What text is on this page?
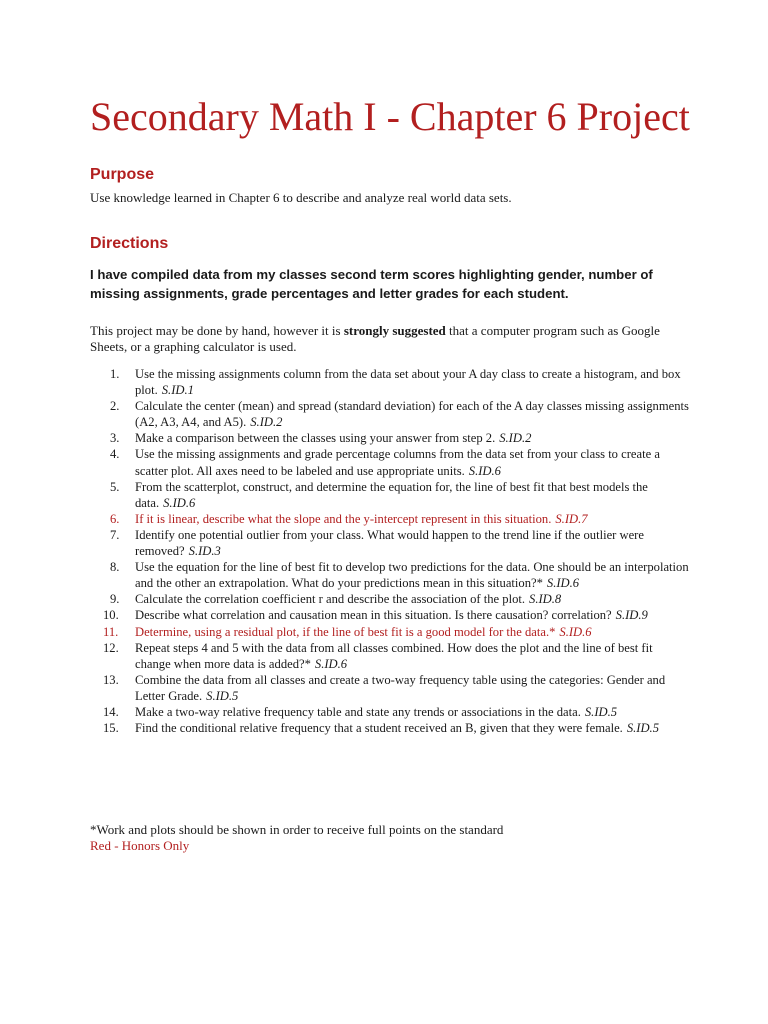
Secondary Math I - Chapter 6 Project
Purpose

Use knowledge learned in Chapter 6 to describe and analyze real world data sets.

Directions

I have compiled data from my classes second term scores highlighting gender, number of missing assignments, grade percentages and letter grades for each student.

This project may be done by hand, however it is strongly suggested that a computer program such as Google Sheets, or a graphing calculator is used.

1.	Use the missing assignments column from the data set about your A day class to create a histogram, and box plot. S.ID.1
2.	Calculate the center (mean) and spread (standard deviation) for each of the A day classes missing assignments (A2, A3, A4, and A5). S.ID.2
3.	Make a comparison between the classes using your answer from step 2. S.ID.2
4.	Use the missing assignments and grade percentage columns from the data set from your class to create a scatter plot. All axes need to be labeled and use appropriate units. S.ID.6
5.	From the scatterplot, construct, and determine the equation for, the line of best fit that best models the data. S.ID.6
6.	If it is linear, describe what the slope and the y-intercept represent in this situation. S.ID.7
7.	Identify one potential outlier from your class. What would happen to the trend line if the outlier were removed? S.ID.3
8.	Use the equation for the line of best fit to develop two predictions for the data. One should be an interpolation and the other an extrapolation. What do your predictions mean in this situation?* S.ID.6
9.	Calculate the correlation coefficient r and describe the association of the plot. S.ID.8
10.	Describe what correlation and causation mean in this situation. Is there causation? correlation? S.ID.9
11.	Determine, using a residual plot, if the line of best fit is a good model for the data.* S.ID.6
12.	Repeat steps 4 and 5 with the data from all classes combined. How does the plot and the line of best fit change when more data is added?* S.ID.6
13.	Combine the data from all classes and create a two-way frequency table using the categories: Gender and Letter Grade. S.ID.5
14.	Make a two-way relative frequency table and state any trends or associations in the data. S.ID.5
15.	Find the conditional relative frequency that a student received an B, given that they were female. S.ID.5

*Work and plots should be shown in order to receive full points on the standard

Red - Honors Only
